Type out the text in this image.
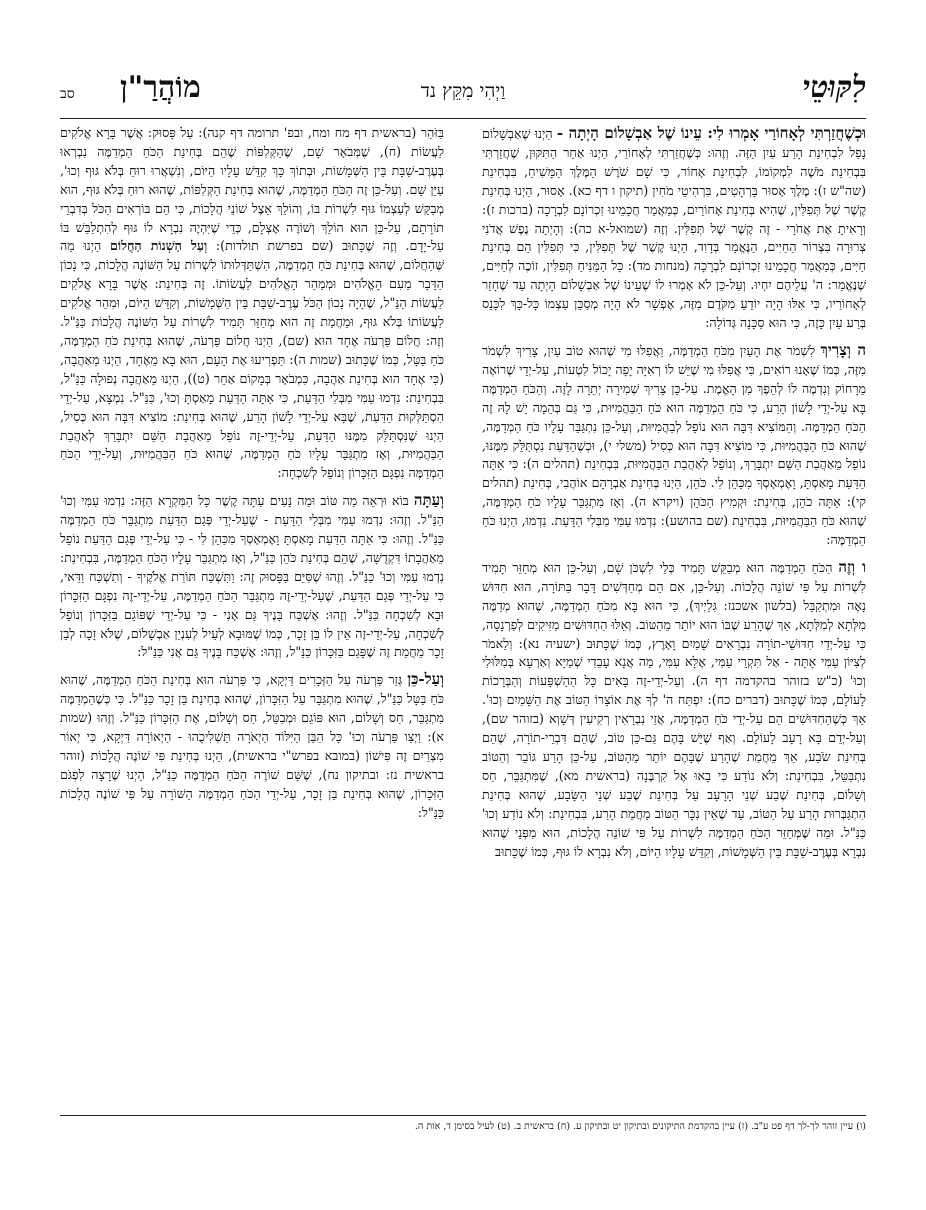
לִקּוּטֵי
וַיְהִי מִקֵּץ נד
מוֹהֲרַ"ן
סב

וּכְשֶׁחֲזַרְתִּי לְאָחוֹרַי אָמְרוּ לִי: עֵינוֹ שֶׁל אַבְשָׁלוֹם הָיְתָה - הַיְנוּ שֶׁאַבְשָׁלוֹם נָפַל לִבְחִינַת הָרַע עַיִן הַזֶּה. וְזֶהוּ: כְּשֶׁחֲזַרְתִּי לְאָחוֹרַי, הַיְנוּ אַחַר הַתִּקּוּן, שֶׁחֲזַרְתִּי בִּבְחִינַת מֹשֶׁה לִמְקוֹמוֹ, לִבְחִינַת אָחוֹר, כִּי שָׁם שֹׁרֶשׁ הַמֶּלֶךְ הַמָּשִׁיחַ, בִּבְחִינַת (שה"ש ז): מֶלֶךְ אָסוּר בָּרְהָטִים, בִּרְהִיטֵי מֹחִין (תיקון ו דף כא). אָסוּר, הַיְנוּ בְּחִינַת קֶשֶׁר שֶׁל תְּפִלִּין, שֶׁהִיא בְּחִינַת אָחוֹרַיִם, כְּמַאֲמַר חֲכָמֵינוּ זִכְרוֹנָם לִבְרָכָה (ברכות ז): וְרָאִיתָ אֶת אֲחֹרָי - זֶה קֶשֶׁר שֶׁל תְּפִלִּין. וְזֶה (שמואל-א כה): וְהָיְתָה נֶפֶשׁ אֲדֹנִי צְרוּרָה בִּצְרוֹר הַחַיִּים, הַנֶּאֱמָר בְּדָוִד, הַיְנוּ קֶשֶׁר שֶׁל תְּפִלִּין, כִּי תְּפִלִּין הֵם בְּחִינַת חַיִּים, כְּמַאֲמַר חֲכָמֵינוּ זִכְרוֹנָם לִבְרָכָה (מנחות מד): כָּל הַמַּנִּיחַ תְּפִלִּין, זוֹכֶה לְחַיִּים, שֶׁנֶּאֱמַר: ה' עֲלֵיהֶם יִחְיוּ. וְעַל-כֵּן לֹא אָמְרוּ לוֹ שֶׁעֵינוֹ שֶׁל אַבְשָׁלוֹם הָיְתָה עַד שֶׁחָזַר לְאָחוֹרַיו, כִּי אִלּוּ הָיָה יוֹדֵעַ מִקֹּדֶם מִזֶּה, אֶפְשָׁר לֹא הָיָה מְסַכֵּן עַצְמוֹ כָּל-כָּךְ לִכָּנֵס בְּרַע עַיִן כָּזֶה, כִּי הוּא סַכָּנָה גְּדוֹלָה:

ה וְצָרִיךְ לִשְׁמֹר אֶת הָעַיִן מִכֹּחַ הַמְדַמֶּה, וַאֲפִלּוּ מִי שֶׁהוּא טוֹב עַיִן, צָרִיךְ לִשְׁמֹר מִזֶּה, כְּמוֹ שֶׁאָנוּ רוֹאִים, כִּי אֲפִלּוּ מִי שֶׁיֵּשׁ לוֹ רְאִיָּה יָפָה יָכוֹל לִטְעוֹת, עַל-יְדֵי שֶׁרוֹאֶה מֵרָחוֹק וְנִדְמֶה לוֹ לְהֵפֶךְ מִן הָאֱמֶת. עַל-כֵּן צָרִיךְ שְׁמִירָה יְתֵרָה לָזֶה. וְהַכֹּחַ הַמְדַמֶּה בָּא עַל-יְדֵי לָשׁוֹן הָרַע, כִּי כֹּחַ הַמְדַמֶּה הוּא כֹּחַ הַבַּהֲמִיּוּת, כִּי גַּם בְּהֵמָה יֵשׁ לָהּ זֶה הַכֹּחַ הַמְדַמֶּה. וְהַמּוֹצִיא דִּבָּה הוּא נוֹפֵל לְבַהֲמִיּוּת, וְעַל-כֵּן נִתְגַּבֵּר עָלָיו כֹּחַ הַמְדַמֶּה, שֶׁהוּא כֹּחַ הַבַּהֲמִיּוּת, כִּי מוֹצִיא דִּבָּה הוּא כְּסִיל (משלי י), וּכְשֶׁהַדַּעַת נִסְתַּלֵּק מִמֶּנּוּ, נוֹפֵל מֵאַהֲבַת הַשֵּׁם יִתְבָּרַךְ, וְנוֹפֵל לְאַהֲבַת הַבַּהֲמִיּוּת, בִּבְחִינַת (תהלים ה): כִּי אַתָּה הַדַּעַת מָאַסְתָּ, וָאֶמְאָסְךָ מִכַּהֵן לִי. כֹּהֵן, הַיְנוּ בְּחִינַת אַבְרָהָם אוֹהֲבִי, בְּחִינַת (תהלים קי): אַתָּה כֹהֵן, בְּחִינַת: וּקְמִיץ הַכֹּהֵן (ויקרא ה). וְאָז מִתְגַּבֵּר עָלָיו כֹּחַ הַמְדַמֶּה, שֶׁהוּא כֹּחַ הַבַּהֲמִיּוּת, בִּבְחִינַת (שם בהושע): נִדְמוּ עַמִּי מִבְּלִי הַדָּעַת. נִדְמוּ, הַיְנוּ כֹּחַ הַמְדַמֶּה:

ו וְזֶה הַכֹּחַ הַמְדַמֶּה הוּא מְבַקֵּשׁ תָּמִיד כְּלֵי לִשְׁכֹּן שָׁם, וְעַל-כֵּן הוּא מְחַזֵּר תָּמִיד לִשְׁרוֹת עַל פִּי שׁוֹנֵה הֲלָכוֹת. וְעַל-כֵּן, אִם הֵם מְחַדְּשִׁים דָּבָר בַּתּוֹרָה, הוּא חִדּוּשׁ נָאֶה וּמִתְקַבֵּל (בלשון אשכנז: גִּלַיְיךְ), כִּי הוּא בָּא מִכֹּחַ הַמְדַמֶּה, שֶׁהוּא מְדַמֶּה מִלְּתָא לְמִלְּתָא, אַךְ שֶׁהָרַע שֶׁבּוֹ הוּא יוֹתֵר מֵהַטּוֹב. וְאֵלּוּ הַחִדּוּשִׁים מַזִּיקִים לְפַרְנָסָה, כִּי עַל-יְדֵי חִדּוּשֵׁי-תוֹרָה נִבְרָאִים שָׁמַיִם וָאָרֶץ, כְּמוֹ שֶׁכָּתוּב (ישעיה נא): וְלֵאמֹר לְצִיּוֹן עַמִּי אָתָּה - אַל תִּקְרֵי עַמִּי, אֶלָּא עִמִּי, מַה אֲנָא עָבֵדִי שְׁמַיָּא וְאַרְעָא בְּמִלּוּלִי וְכוּ' (כ"ש בזוהר בהקדמה דף ה). וְעַל-יְדֵי-זֶה בָּאִים כָּל הַהַשְׁפָּעוֹת וְהַבְּרָכוֹת לָעוֹלָם, כְּמוֹ שֶׁכָּתוּב (דברים כח): יִפְתַּח ה' לְךָ אֶת אוֹצָרוֹ הַטּוֹב אֶת הַשָּׁמַיִם וְכוּ'. אַךְ כְּשֶׁהַחִדּוּשִׁים הֵם עַל-יְדֵי כֹּחַ הַמְדַמֶּה, אֲזַי נִבְרָאִין רְקִיעִין דְּשָׁוְא (בזוהר שם), וְעַל-יְדֵם בָּא רָעָב לָעוֹלָם. וְאַף שֶׁיֵּשׁ בָּהֶם גַּם-כֵּן טוֹב, שֶׁהֵם דִּבְרֵי-תוֹרָה, שֶׁהֵם בְּחִינַת שֹׂבַע, אַךְ מֵחֲמַת שֶׁהָרַע שֶׁבָּהֶם יוֹתֵר מֵהַטּוֹב, עַל-כֵּן הָרַע גּוֹבֵר וְהַטּוֹב נִתְבַּטֵּל, בִּבְחִינַת: וְלֹא נוֹדַע כִּי בָאוּ אֶל קִרְבֶּנָה (בראשית מא), שֶׁמִּתְגַּבֵּר, חַס וְשָׁלוֹם, בְּחִינַת שֶׁבַע שְׁנֵי הָרָעָב עַל בְּחִינַת שֶׁבַע שְׁנֵי הַשָּׂבָע, שֶׁהוּא בְּחִינַת הִתְגַּבְּרוּת הָרַע עַל הַטּוֹב, עַד שֶׁאֵין נִכָּר הַטּוֹב מֵחֲמַת הָרַע, בִּבְחִינַת: וְלֹא נוֹדַע וְכוּ' כַּנַּ"ל. וּמַה שֶּׁמְּחַזֵּר הַכֹּחַ הַמְדַמֶּה לִשְׁרוֹת עַל פִּי שׁוֹנֵה הֲלָכוֹת, הוּא מִפְּנֵי שֶׁהוּא נִבְרָא בְּעֶרֶב-שַׁבָּת בֵּין הַשְּׁמָשׁוֹת, וְקִדֵּשׁ עָלָיו הַיּוֹם, וְלֹא נִבְרָא לוֹ גּוּף, כְּמוֹ שֶׁכָּתוּב

בַּזֹּהַר (בראשית דף מח ומח, ובפ' תרומה דף קנה): עַל פָּסוּק: אֲשֶׁר בָּרָא אֱלֹקִים לַעֲשׂוֹת (ח), שֶׁמְּבֹאָר שָׁם, שֶׁהַקְּלִפּוֹת שֶׁהֵם בְּחִינַת הַכֹּחַ הַמְדַמֶּה נִבְרְאוּ בְּעֶרֶב-שַׁבָּת בֵּין הַשְּׁמָשׁוֹת, וּבְתוֹךְ כָּךְ קִדֵּשׁ עָלָיו הַיּוֹם, וְנִשְׁאֲרוּ רוּחַ בְּלֹא גּוּף וְכוּ', עַיֵּן שָׁם. וְעַל-כֵּן זֶה הַכֹּחַ הַמְדַמֶּה, שֶׁהוּא בְּחִינַת הַקְּלִפּוֹת, שֶׁהוּא רוּחַ בְּלֹא גּוּף, הוּא מְבַקֵּשׁ לְעַצְמוֹ גּוּף לִשְׁרוֹת בּוֹ, וְהוֹלֵךְ אֵצֶל שׁוֹנֵי הֲלָכוֹת, כִּי הֵם בּוֹרְאִים הַכֹּל בְּדִבְרֵי תוֹרָתָם, עַל-כֵּן הוּא הוֹלֵךְ וְשׁוֹרֶה אֶצְלָם, כְּדֵי שֶׁיִּהְיֶה נִבְרָא לוֹ גּוּף לְהִתְלַבֵּשׁ בּוֹ עַל-יָדָם. וְזֶה שֶׁכָּתוּב (שם בפרשת תולדות): וְעַל הַשְׁנוֹת הַחֲלוֹם הַיְנוּ מַה שֶּׁהַחֲלוֹם, שֶׁהוּא בְּחִינַת כֹּחַ הַמְדַמֶּה, הִשְׁתַּדְּלוּתוֹ לִשְׁרוֹת עַל הַשּׁוֹנֶה הֲלָכוֹת, כִּי נָכוֹן הַדָּבָר מֵעִם הָאֱלֹהִים וּמְמַהֵר הָאֱלֹהִים לַעֲשׂוֹתוֹ. זֶה בְּחִינַת: אֲשֶׁר בָּרָא אֱלֹקִים לַעֲשׂוֹת הַנַּ"ל, שֶׁהָיָה נָכוֹן הַכֹּל עֶרֶב-שַׁבָּת בֵּין הַשְּׁמָשׁוֹת, וְקִדֵּשׁ הַיּוֹם, וּמִהֵר אֱלֹקִים לַעֲשׂוֹתוֹ בְּלֹא גּוּף, וּמֵחֲמַת זֶה הוּא מְחַזֵּר תָּמִיד לִשְׁרוֹת עַל הַשּׁוֹנֶה הֲלָכוֹת כַּנַּ"ל. וְזֶה: חֲלוֹם פַּרְעֹה אֶחָד הוּא (שם), הַיְנוּ חֲלוֹם פַּרְעֹה, שֶׁהוּא בְּחִינַת כֹּחַ הַמְדַמֶּה, כֹּחַ בַּטָּל, כְּמוֹ שֶׁכָּתוּב (שמות ה): תַּפְרִיעוּ אֶת הָעָם, הוּא בָּא מֵאֶחָד, הַיְנוּ מֵאַהֲבָה, (כִּי אֶחָד הוּא בְּחִינַת אַהֲבָה, כִּמְבֹאָר בְּמָקוֹם אַחֵר (ט)), הַיְנוּ מֵאַהֲבָה נְפוּלָה כַּנַּ"ל, בִּבְחִינַת: נִדְמוּ עַמִּי מִבְּלִי הַדַּעַת, כִּי אַתָּה הַדַּעַת מָאַסְתָּ וְכוּ', כַּנַּ"ל. נִמְצָא, עַל-יְדֵי הִסְתַּלְּקוּת הַדַּעַת, שֶׁבָּא עַל-יְדֵי לָשׁוֹן הָרַע, שֶׁהוּא בְּחִינַת: מוֹצִיא דִּבָּה הוּא כְּסִיל, הַיְנוּ שֶׁנִּסְתַּלֵּק מִמֶּנּוּ הַדַּעַת, עַל-יְדֵי-זֶה נוֹפֵל מֵאַהֲבַת הַשֵּׁם יִתְבָּרַךְ לְאַהֲבַת הַבַּהֲמִיּוּת, וְאָז מִתְגַּבֵּר עָלָיו כֹּחַ הַמְדַמֶּה, שֶׁהוּא כֹּחַ הַבַּהֲמִיּוּת, וְעַל-יְדֵי הַכֹּחַ הַמְדַמֶּה נִפְגָּם הַזִּכָּרוֹן וְנוֹפֵל לְשִׁכְחָה:

וְעַתָּה בּוֹא וּרְאֵה מַה טּוֹב וּמַה נָּעִים עַתָּה קֶשֶׁר כָּל הַמִּקְרָא הַזֶּה: נִדְמוּ עַמִּי וְכוּ' הַנַּ"ל. וְזֶהוּ: נִדְמוּ עַמִּי מִבְּלִי הַדָּעַת - שֶׁעַל-יְדֵי פְּגַם הַדַּעַת מִתְגַּבֵּר כֹּחַ הַמְדַמֶּה כַּנַּ"ל. וְזֶהוּ: כִּי אַתָּה הַדַּעַת מָאַסְתָּ וָאֶמְאָסְךָ מִכַּהֵן לִי - כִּי עַל-יְדֵי פְּגַם הַדַּעַת נוֹפֵל מֵאַהֲבָתוֹ דִּקְדֻשָּׁה, שֶׁהֵם בְּחִינַת כֹּהֵן כַּנַּ"ל, וְאָז מִתְגַּבֵּר עָלָיו הַכֹּחַ הַמְדַמֶּה, בִּבְחִינַת: נִדְמוּ עַמִּי וְכוּ' כַּנַּ"ל. וְזֶהוּ שֶׁסִּיֵּם בַּפָּסוּק זֶה: וַתִּשְׁכַּח תּוֹרַת אֱלֹקֶיךָ - וְתִשְׁכַּח וַדַּאי, כִּי עַל-יְדֵי פְּגַם הַדַּעַת, שֶׁעַל-יְדֵי-זֶה מִתְגַּבֵּר הַכֹּחַ הַמְדַמֶּה, עַל-יְדֵי-זֶה נִפְגָּם הַזִּכָּרוֹן וּבָא לְשִׁכְחָה כַּנַּ"ל. וְזֶהוּ: אֶשְׁכַּח בָּנֶיךָ גַּם אָנִי - כִּי עַל-יְדֵי שֶׁפּוֹגֵם בַּזִּכָּרוֹן וְנוֹפֵל לְשִׁכְחָה, עַל-יְדֵי-זֶה אֵין לוֹ בֵּן זָכָר, כְּמוֹ שֶׁמּוּבָא לְעֵיל לְעִנְיַן אַבְשָׁלוֹם, שֶׁלֹּא זָכָה לְבֵן זָכָר מֵחֲמַת זֶה שֶׁפָּגַם בַּזִּכָּרוֹן כַּנַּ"ל, וְזֶהוּ: אֶשְׁכַּח בָּנֶיךָ גַּם אֲנִי כַּנַּ"ל:

וְעַל-כֵּן גְּזַר פַּרְעֹה עַל הַזְּכָרִים דַּיְקָא, כִּי פַּרְעֹה הוּא בְּחִינַת הַכֹּחַ הַמְדַמֶּה, שֶׁהוּא כֹּחַ בַּטָּל כַּנַּ"ל, שֶׁהוּא מִתְגַּבֵּר עַל הַזִּכָּרוֹן, שֶׁהוּא בְּחִינַת בֵּן זָכָר כַּנַּ"ל. כִּי כְּשֶׁהַמְדַמֶּה מִתְגַּבֵּר, חַס וְשָׁלוֹם, הוּא פּוֹגֵם וּמְבַטֵּל, חַס וְשָׁלוֹם, אֶת הַזִּכָּרוֹן כַּנַּ"ל. וְזֶהוּ (שמות א): וַיְצַו פַּרְעֹה וְכוּ' כָּל הַבֵּן הַיִּלּוֹד הַיְאֹרָה תַּשְׁלִיכֻהוּ - הַיְאוֹרָה דַּיְקָא, כִּי יְאוֹר מִצְרַיִם זֶה פִּישׁוֹן (במובא בפרש"י בראשית), הַיְנוּ בְּחִינַת פִּי שׁוֹנֶה הֲלָכוֹת (זוהר בראשית נז: ובתיקון נח), שֶׁשָּׁם שׁוֹרֶה הַכֹּחַ הַמְדַמֶּה כַּנַּ"ל, הַיְנוּ שֶׁרָצָה לִפְגֹּם הַזִּכָּרוֹן, שֶׁהוּא בְּחִינַת בֵּן זָכָר, עַל-יְדֵי הַכֹּחַ הַמְדַמֶּה הַשּׁוֹרָה עַל פִּי שׁוֹנֶה הֲלָכוֹת כַּנַּ"ל:

(ו) עיין זוהר לך-לך דף פט ע"ב. (ז) עיין בהקדמת התיקונים ובתיקון יט ובתיקון ע. (ח) בראשית ב. (ט) לעיל בסימן ד, אות ה.
